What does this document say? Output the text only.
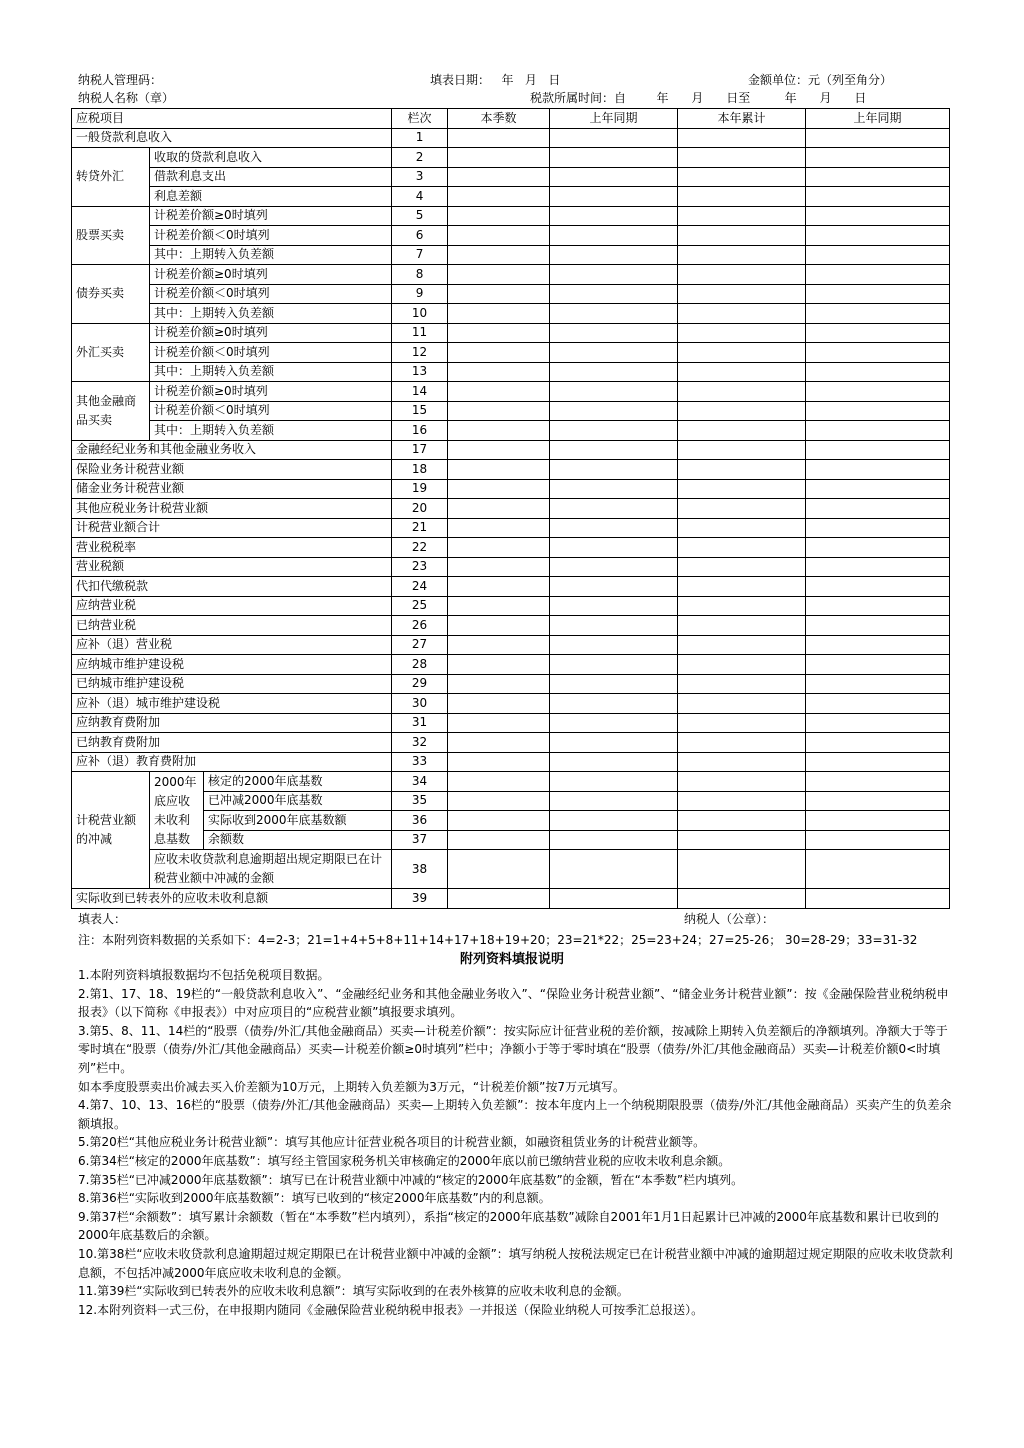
纳税人管理码：	填表日期：   年   月   日	金额单位：元（列至角分）
纳税人名称（章）	税款所属时间：自        年      月      日至         年      月      日
应税项目			栏次	本季数	上年同期	本年累计	上年同期
一般贷款利息收入			1				
转贷外汇	收取的贷款利息收入		2				
	借款利息支出		3				
	利息差额		4				
股票买卖	计税差价额≥0时填列		5				
	计税差价额＜0时填列		6				
	其中：上期转入负差额		7				
债券买卖	计税差价额≥0时填列		8				
	计税差价额＜0时填列		9				
	其中：上期转入负差额		10				
外汇买卖	计税差价额≥0时填列		11				
	计税差价额＜0时填列		12				
	其中：上期转入负差额		13				
其他金融商品买卖	计税差价额≥0时填列		14				
	计税差价额＜0时填列		15				
	其中：上期转入负差额		16				
金融经纪业务和其他金融业务收入			17				
保险业务计税营业额			18				
储金业务计税营业额			19				
其他应税业务计税营业额			20				
计税营业额合计			21				
营业税税率			22				
营业税额			23				
代扣代缴税款			24				
应纳营业税			25				
已纳营业税			26				
应补（退）营业税			27				
应纳城市维护建设税			28				
已纳城市维护建设税			29				
应补（退）城市维护建设税			30				
应纳教育费附加			31				
已纳教育费附加			32				
应补（退）教育费附加			33				
计税营业额的冲减	2000年底应收未收利息基数	核定的2000年底基数	34				
		已冲减2000年底基数	35				
		实际收到2000年底基数额	36				
		余额数	37				
	应收未收贷款利息逾期超出规定期限已在计税营业额中冲减的金额		38				
实际收到已转表外的应收未收利息额			39				
填表人：	纳税人（公章）：
注：本附列资料数据的关系如下：4=2-3；21=1+4+5+8+11+14+17+18+19+20；23=21*22；25=23+24；27=25-26； 30=28-29；33=31-32
附列资料填报说明

1.本附列资料填报数据均不包括免税项目数据。

2.第1、17、18、19栏的“一般贷款利息收入”、“金融经纪业务和其他金融业务收入”、“保险业务计税营业额”、“储金业务计税营业额”：按《金融保险营业税纳税申报表》（以下简称《申报表》）中对应项目的“应税营业额”填报要求填列。

3.第5、8、11、14栏的“股票（债券/外汇/其他金融商品）买卖—计税差价额”：按实际应计征营业税的差价额，按减除上期转入负差额后的净额填列。净额大于等于零时填在“股票（债券/外汇/其他金融商品）买卖—计税差价额≥0时填列”栏中；净额小于等于零时填在“股票（债券/外汇/其他金融商品）买卖—计税差价额0<时填列”栏中。

如本季度股票卖出价减去买入价差额为10万元，上期转入负差额为3万元，“计税差价额”按7万元填写。

4.第7、10、13、16栏的“股票（债券/外汇/其他金融商品）买卖—上期转入负差额”：按本年度内上一个纳税期限股票（债券/外汇/其他金融商品）买卖产生的负差余额填报。

5.第20栏“其他应税业务计税营业额”：填写其他应计征营业税各项目的计税营业额，如融资租赁业务的计税营业额等。

6.第34栏“核定的2000年底基数”：填写经主管国家税务机关审核确定的2000年底以前已缴纳营业税的应收未收利息余额。

7.第35栏“已冲减2000年底基数额”：填写已在计税营业额中冲减的“核定的2000年底基数”的金额，暂在“本季数”栏内填列。

8.第36栏“实际收到2000年底基数额”：填写已收到的“核定2000年底基数”内的利息额。

9.第37栏“余额数”：填写累计余额数（暂在“本季数”栏内填列），系指“核定的2000年底基数”减除自2001年1月1日起累计已冲减的2000年底基数和累计已收到的2000年底基数后的余额。

10.第38栏“应收未收贷款利息逾期超过规定期限已在计税营业额中冲减的金额”：填写纳税人按税法规定已在计税营业额中冲减的逾期超过规定期限的应收未收贷款利息额，不包括冲减2000年底应收未收利息的金额。

11.第39栏“实际收到已转表外的应收未收利息额”：填写实际收到的在表外核算的应收未收利息的金额。

12.本附列资料一式三份，在申报期内随同《金融保险营业税纳税申报表》一并报送（保险业纳税人可按季汇总报送）。
